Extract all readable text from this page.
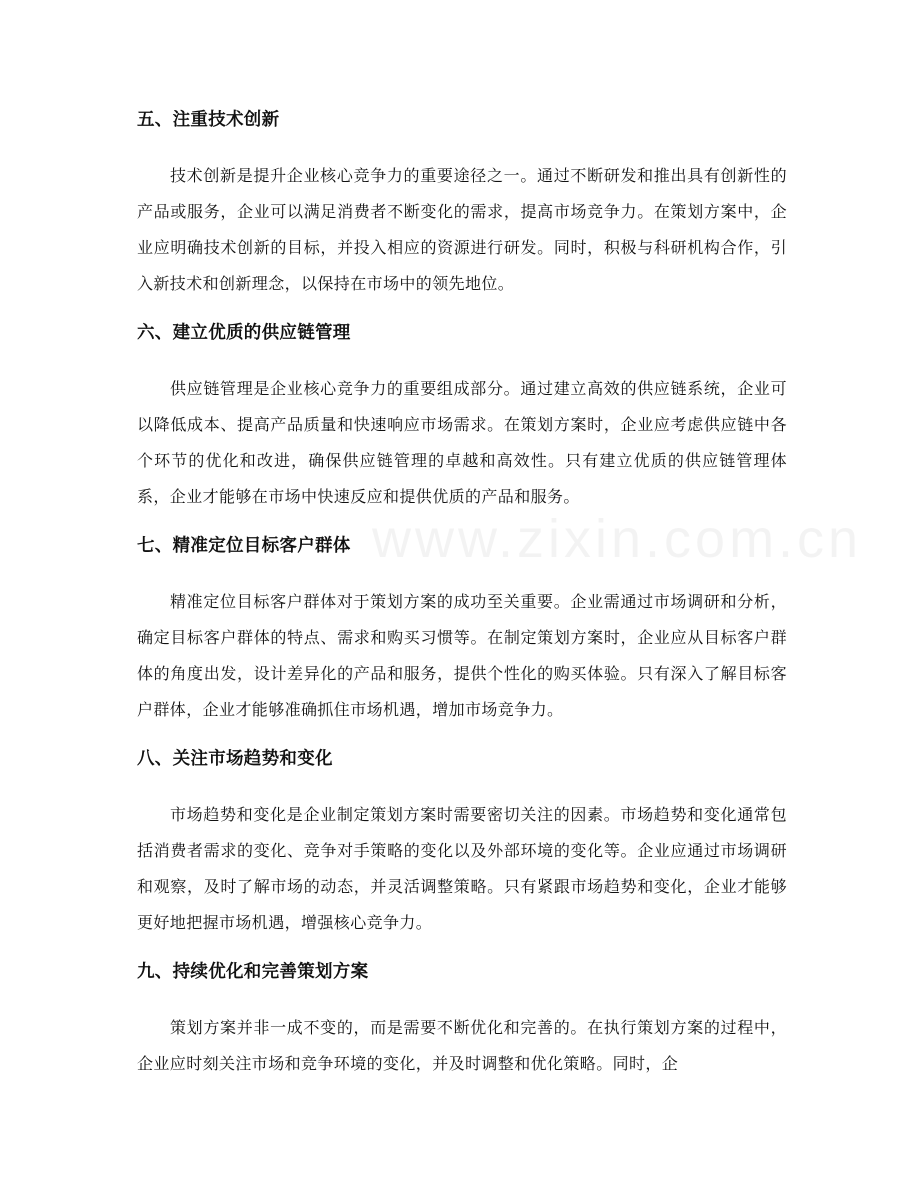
五、注重技术创新

技术创新是提升企业核心竞争力的重要途径之一。通过不断研发和推出具有创新性的产品或服务，企业可以满足消费者不断变化的需求，提高市场竞争力。在策划方案中，企业应明确技术创新的目标，并投入相应的资源进行研发。同时，积极与科研机构合作，引入新技术和创新理念，以保持在市场中的领先地位。

六、建立优质的供应链管理

供应链管理是企业核心竞争力的重要组成部分。通过建立高效的供应链系统，企业可以降低成本、提高产品质量和快速响应市场需求。在策划方案时，企业应考虑供应链中各个环节的优化和改进，确保供应链管理的卓越和高效性。只有建立优质的供应链管理体系，企业才能够在市场中快速反应和提供优质的产品和服务。

七、精准定位目标客户群体

精准定位目标客户群体对于策划方案的成功至关重要。企业需通过市场调研和分析，确定目标客户群体的特点、需求和购买习惯等。在制定策划方案时，企业应从目标客户群体的角度出发，设计差异化的产品和服务，提供个性化的购买体验。只有深入了解目标客户群体，企业才能够准确抓住市场机遇，增加市场竞争力。

八、关注市场趋势和变化

市场趋势和变化是企业制定策划方案时需要密切关注的因素。市场趋势和变化通常包括消费者需求的变化、竞争对手策略的变化以及外部环境的变化等。企业应通过市场调研和观察，及时了解市场的动态，并灵活调整策略。只有紧跟市场趋势和变化，企业才能够更好地把握市场机遇，增强核心竞争力。

九、持续优化和完善策划方案

策划方案并非一成不变的，而是需要不断优化和完善的。在执行策划方案的过程中，企业应时刻关注市场和竞争环境的变化，并及时调整和优化策略。同时，企
